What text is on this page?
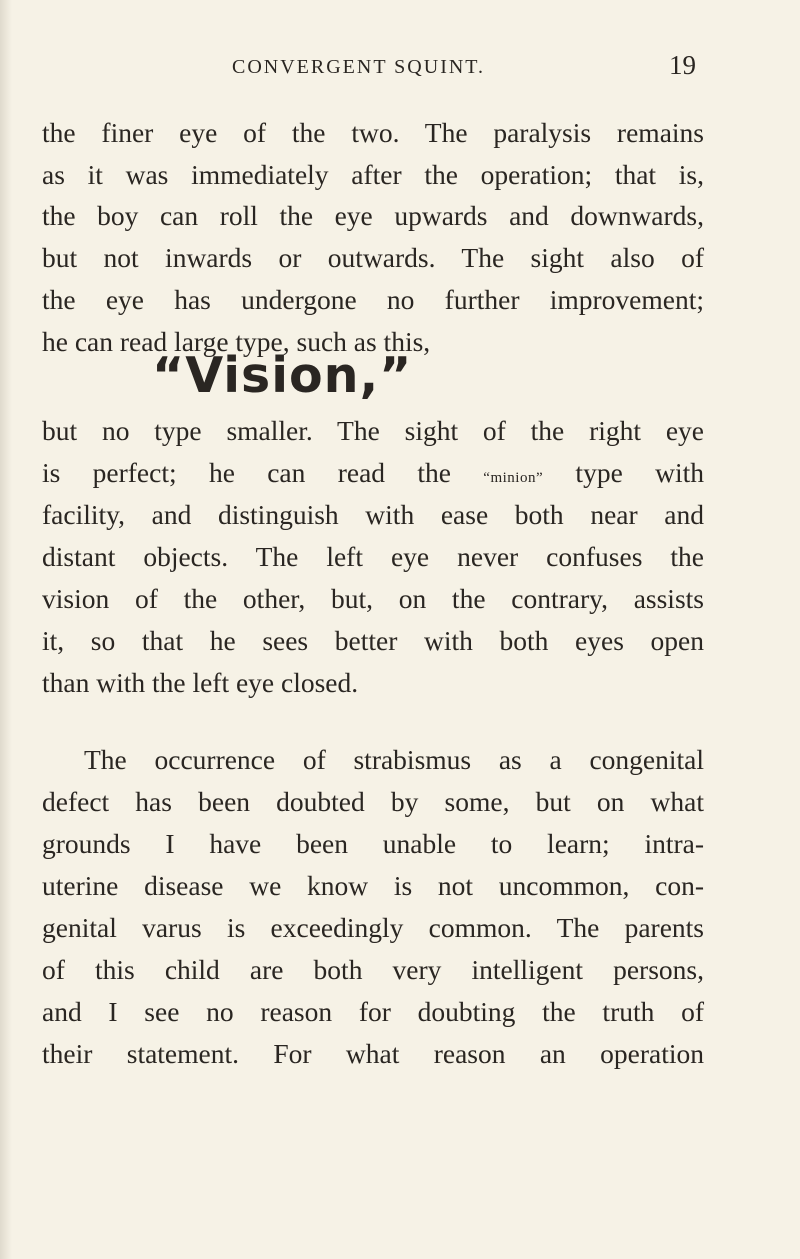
CONVERGENT SQUINT.	19
the finer eye of the two. The paralysis remains
as it was immediately after the operation; that is,
the boy can roll the eye upwards and downwards,
but not inwards or outwards. The sight also of
the eye has undergone no further improvement;
he can read large type, such as this,
“Vision,”
but no type smaller. The sight of the right eye
is perfect; he can read the “minion” type with
facility, and distinguish with ease both near and
distant objects. The left eye never confuses the
vision of the other, but, on the contrary, assists
it, so that he sees better with both eyes open
than with the left eye closed.
The occurrence of strabismus as a congenital
defect has been doubted by some, but on what
grounds I have been unable to learn; intra-
uterine disease we know is not uncommon, con-
genital varus is exceedingly common. The parents
of this child are both very intelligent persons,
and I see no reason for doubting the truth of
their statement. For what reason an operation
